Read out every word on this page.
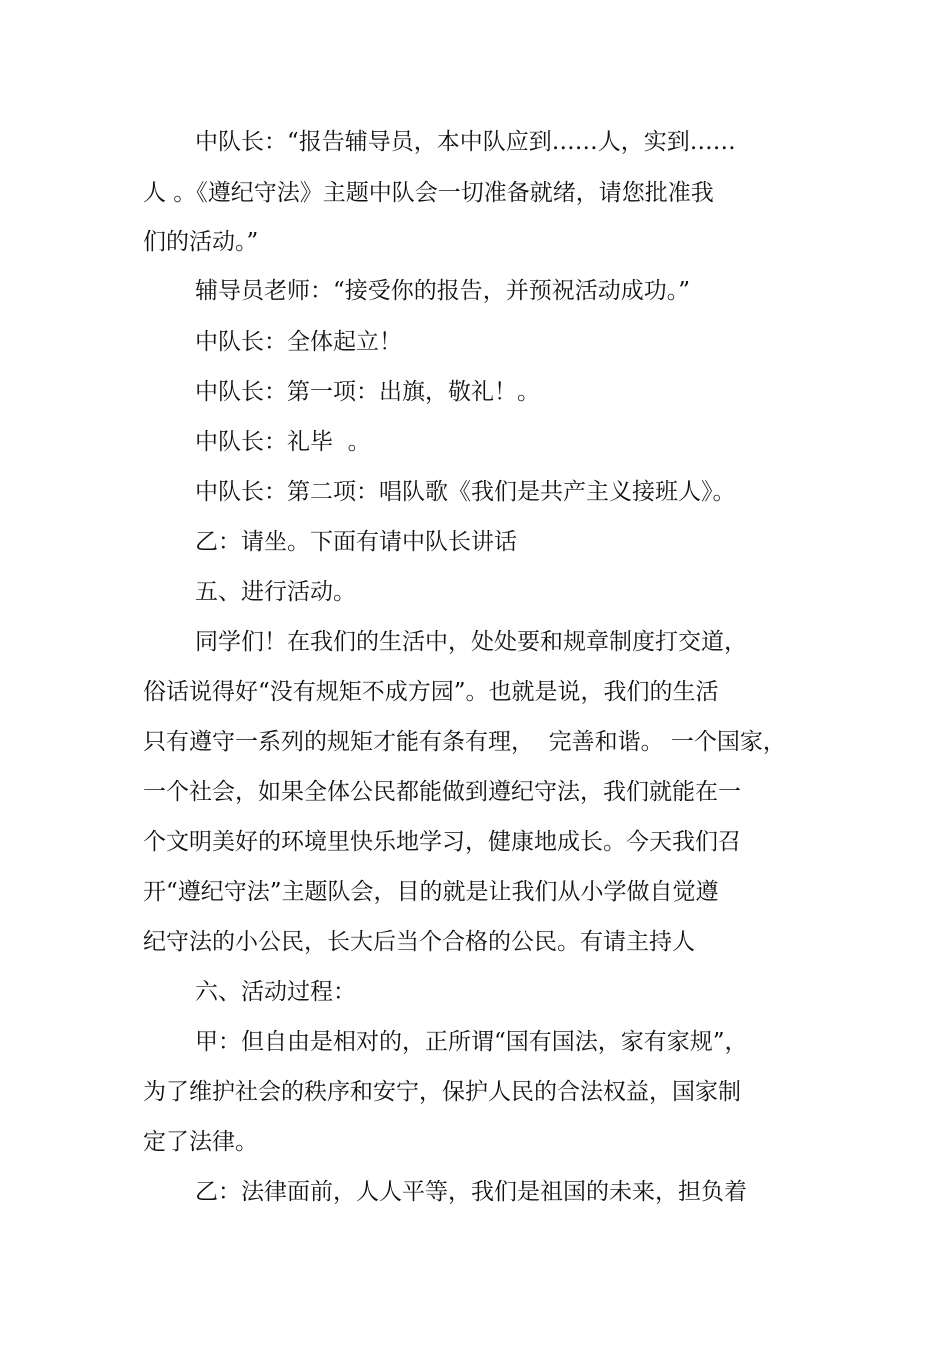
中队长：“报告辅导员，本中队应到……人，实到……

人 。《遵纪守法》主题中队会一切准备就绪，请您批准我

们的活动。”

辅导员老师：“接受你的报告，并预祝活动成功。”

中队长：全体起立！

中队长：第一项：出旗，敬礼！。

中队长：礼毕  。

中队长：第二项：唱队歌《我们是共产主义接班人》。

乙：请坐。下面有请中队长讲话

五、进行活动。

同学们！在我们的生活中，处处要和规章制度打交道，

俗话说得好“没有规矩不成方园”。也就是说，我们的生活

只有遵守一系列的规矩才能有条有理，  完善和谐。 一个国家，

一个社会，如果全体公民都能做到遵纪守法，我们就能在一

个文明美好的环境里快乐地学习，健康地成长。今天我们召

开“遵纪守法”主题队会，目的就是让我们从小学做自觉遵

纪守法的小公民，长大后当个合格的公民。有请主持人

六、活动过程：

甲：但自由是相对的，正所谓“国有国法，家有家规”，

为了维护社会的秩序和安宁，保护人民的合法权益，国家制

定了法律。

乙：法律面前，人人平等，我们是祖国的未来，担负着
